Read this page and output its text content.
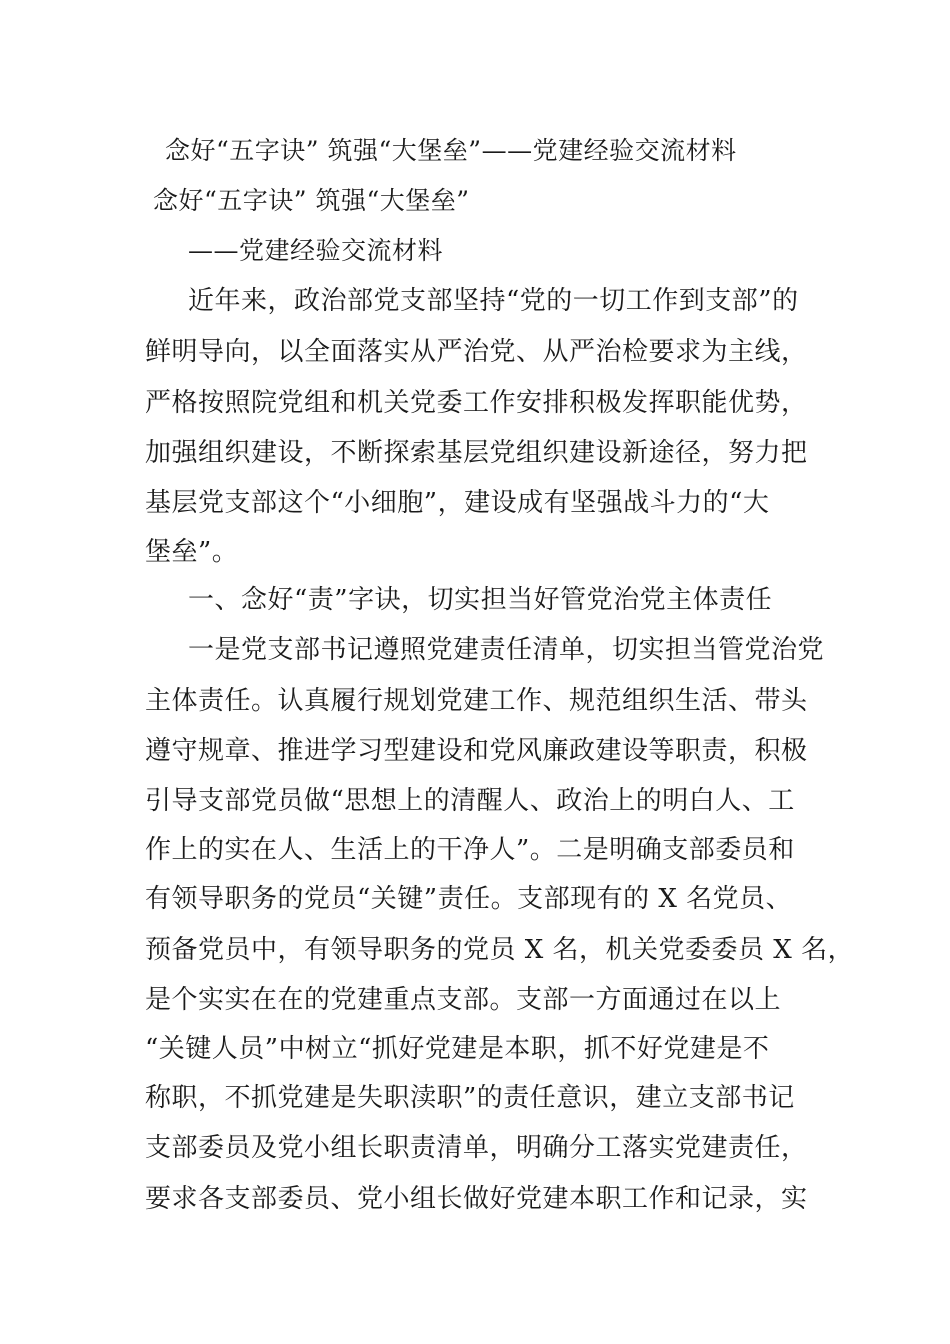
念好“五字诀” 筑强“大堡垒”——党建经验交流材料
念好“五字诀” 筑强“大堡垒”
——党建经验交流材料
近年来，政治部党支部坚持“党的一切工作到支部”的
鲜明导向，以全面落实从严治党、从严治检要求为主线，
严格按照院党组和机关党委工作安排积极发挥职能优势，
加强组织建设，不断探索基层党组织建设新途径，努力把
基层党支部这个“小细胞”，建设成有坚强战斗力的“大
堡垒”。
一、念好“责”字诀，切实担当好管党治党主体责任
一是党支部书记遵照党建责任清单，切实担当管党治党
主体责任。认真履行规划党建工作、规范组织生活、带头
遵守规章、推进学习型建设和党风廉政建设等职责，积极
引导支部党员做“思想上的清醒人、政治上的明白人、工
作上的实在人、生活上的干净人”。二是明确支部委员和
有领导职务的党员“关键”责任。支部现有的 X 名党员、
预备党员中，有领导职务的党员 X 名，机关党委委员 X 名，
是个实实在在的党建重点支部。支部一方面通过在以上
“关键人员”中树立“抓好党建是本职，抓不好党建是不
称职，不抓党建是失职渎职”的责任意识，建立支部书记
支部委员及党小组长职责清单，明确分工落实党建责任，
要求各支部委员、党小组长做好党建本职工作和记录，实
